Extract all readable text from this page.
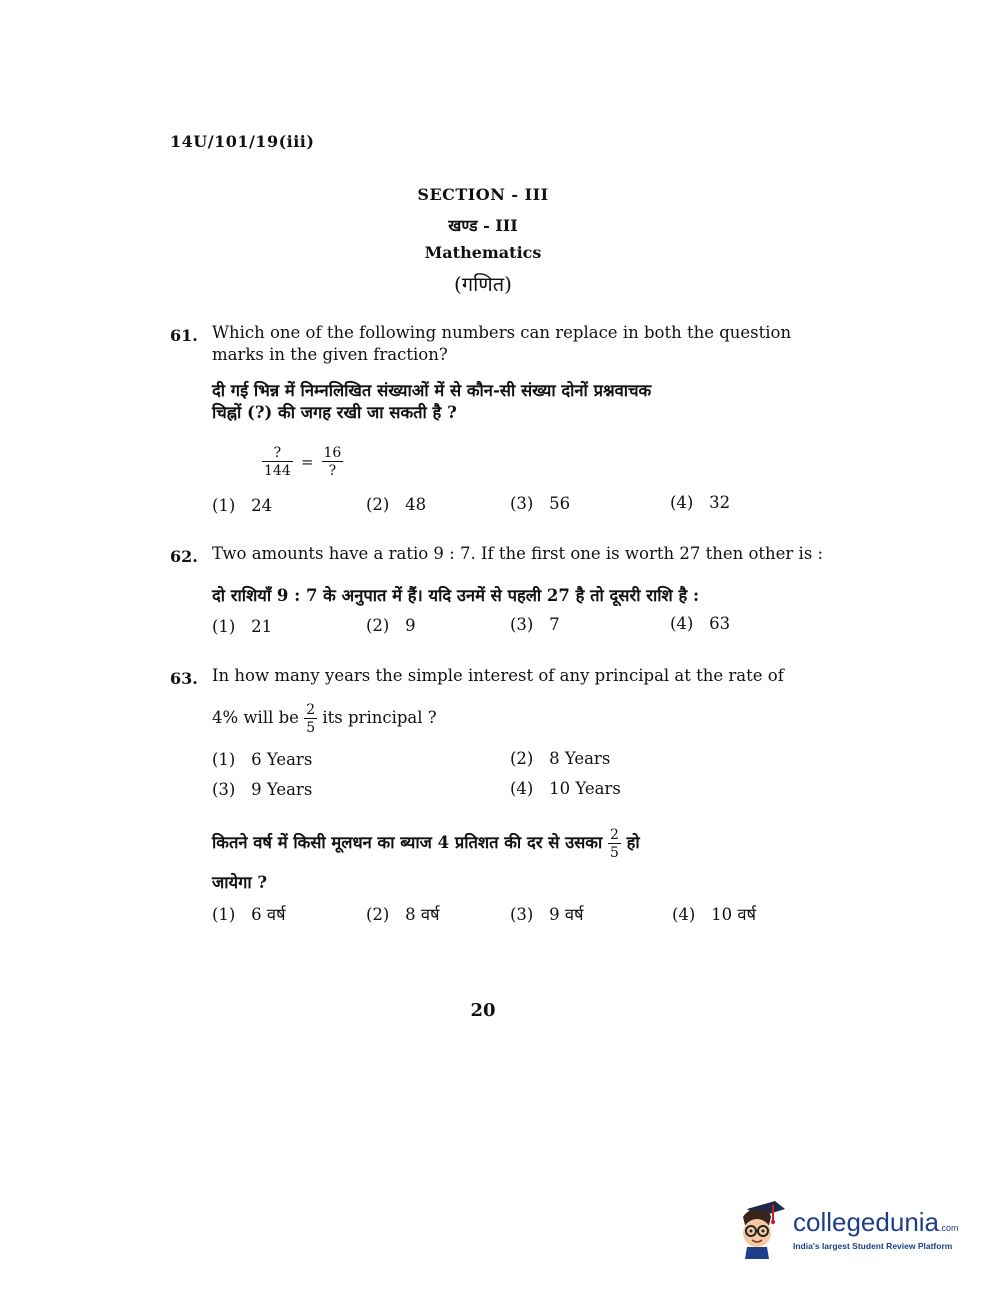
14U/101/19(iii)
SECTION - III
खण्ड - III
Mathematics
(गणित)
61. Which one of the following numbers can replace in both the question
marks in the given fraction?
दी गई भिन्न में निम्नलिखित संख्याओं में से कौन-सी संख्या दोनों प्रश्नवाचक
चिह्नों (?) की जगह रखी जा सकती है ?
$\frac{?}{144} = \frac{16}{?}$
(1) 24	(2) 48	(3) 56	(4) 32
62. Two amounts have a ratio 9 : 7. If the first one is worth 27 then other is :
दो राशियाँ 9 : 7 के अनुपात में हैं। यदि उनमें से पहली 27 है तो दूसरी राशि है :
(1) 21	(2) 9	(3) 7	(4) 63
63. In how many years the simple interest of any principal at the rate of
4% will be $\frac{2}{5}$ its principal ?
(1) 6 Years	(2) 8 Years
(3) 9 Years	(4) 10 Years
कितने वर्ष में किसी मूलधन का ब्याज 4 प्रतिशत की दर से उसका $\frac{2}{5}$ हो
जायेगा ?
(1) 6 वर्ष	(2) 8 वर्ष	(3) 9 वर्ष	(4) 10 वर्ष
20
collegedunia.com
India's largest Student Review Platform
